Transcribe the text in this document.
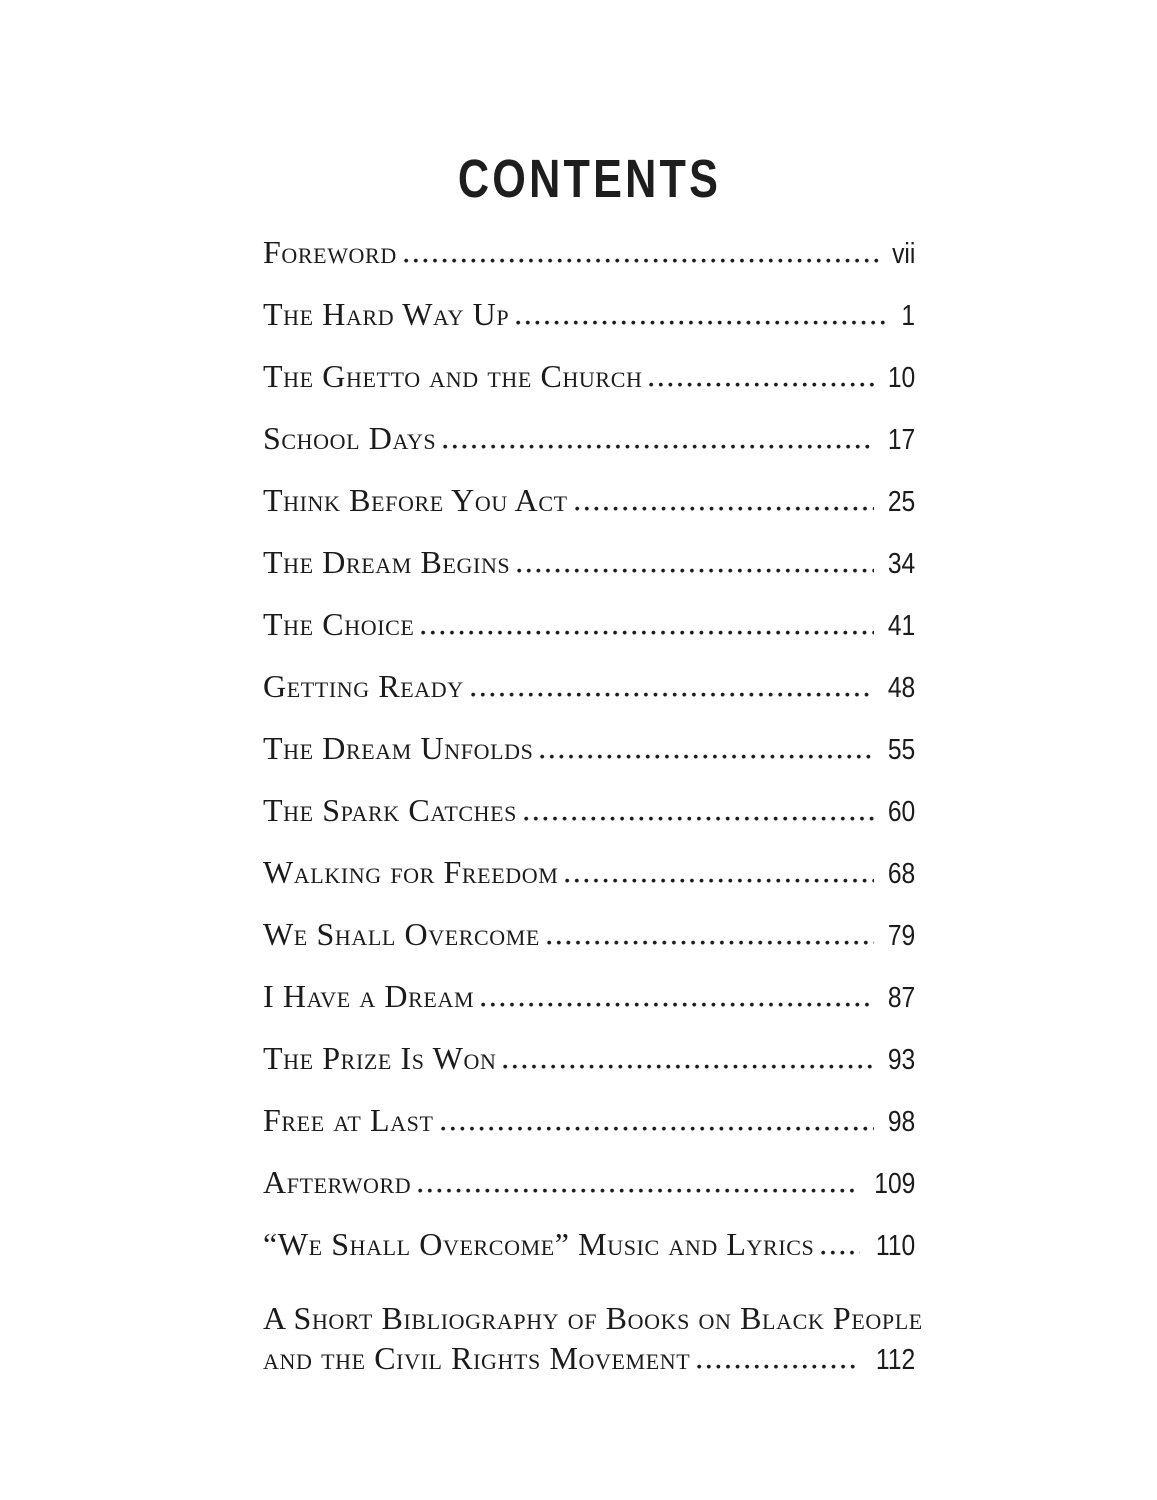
CONTENTS
Foreword	vii
The Hard Way Up	1
The Ghetto and the Church	10
School Days	17
Think Before You Act	25
The Dream Begins	34
The Choice	41
Getting Ready	48
The Dream Unfolds	55
The Spark Catches	60
Walking for Freedom	68
We Shall Overcome	79
I Have a Dream	87
The Prize Is Won	93
Free at Last	98
Afterword	109
“We Shall Overcome” Music and Lyrics 110
A Short Bibliography of Books on Black People
and the Civil Rights Movement	112
